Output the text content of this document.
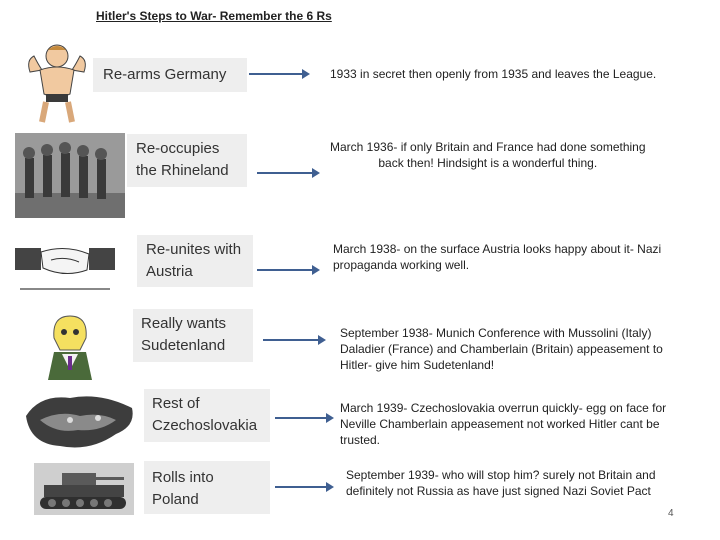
Hitler's Steps to War- Remember the 6 Rs
Re-arms Germany
Re-occupies
the Rhineland
Re-unites with
Austria
Really wants
Sudetenland
Rest of
Czechoslovakia
Rolls into
Poland
1933 in secret then openly from 1935 and leaves the League.
March 1936- if only Britain and France had done something
back then! Hindsight is a wonderful thing.
March 1938- on the surface Austria looks happy about it- Nazi
propaganda working well.
September 1938- Munich Conference with Mussolini (Italy)
Daladier (France) and Chamberlain (Britain) appeasement to
Hitler- give him Sudetenland!
March 1939- Czechoslovakia overrun quickly- egg on face for
Neville Chamberlain appeasement not worked Hitler cant be
trusted.
September 1939- who will stop him? surely not Britain and
definitely not Russia as have just signed Nazi Soviet Pact
4
